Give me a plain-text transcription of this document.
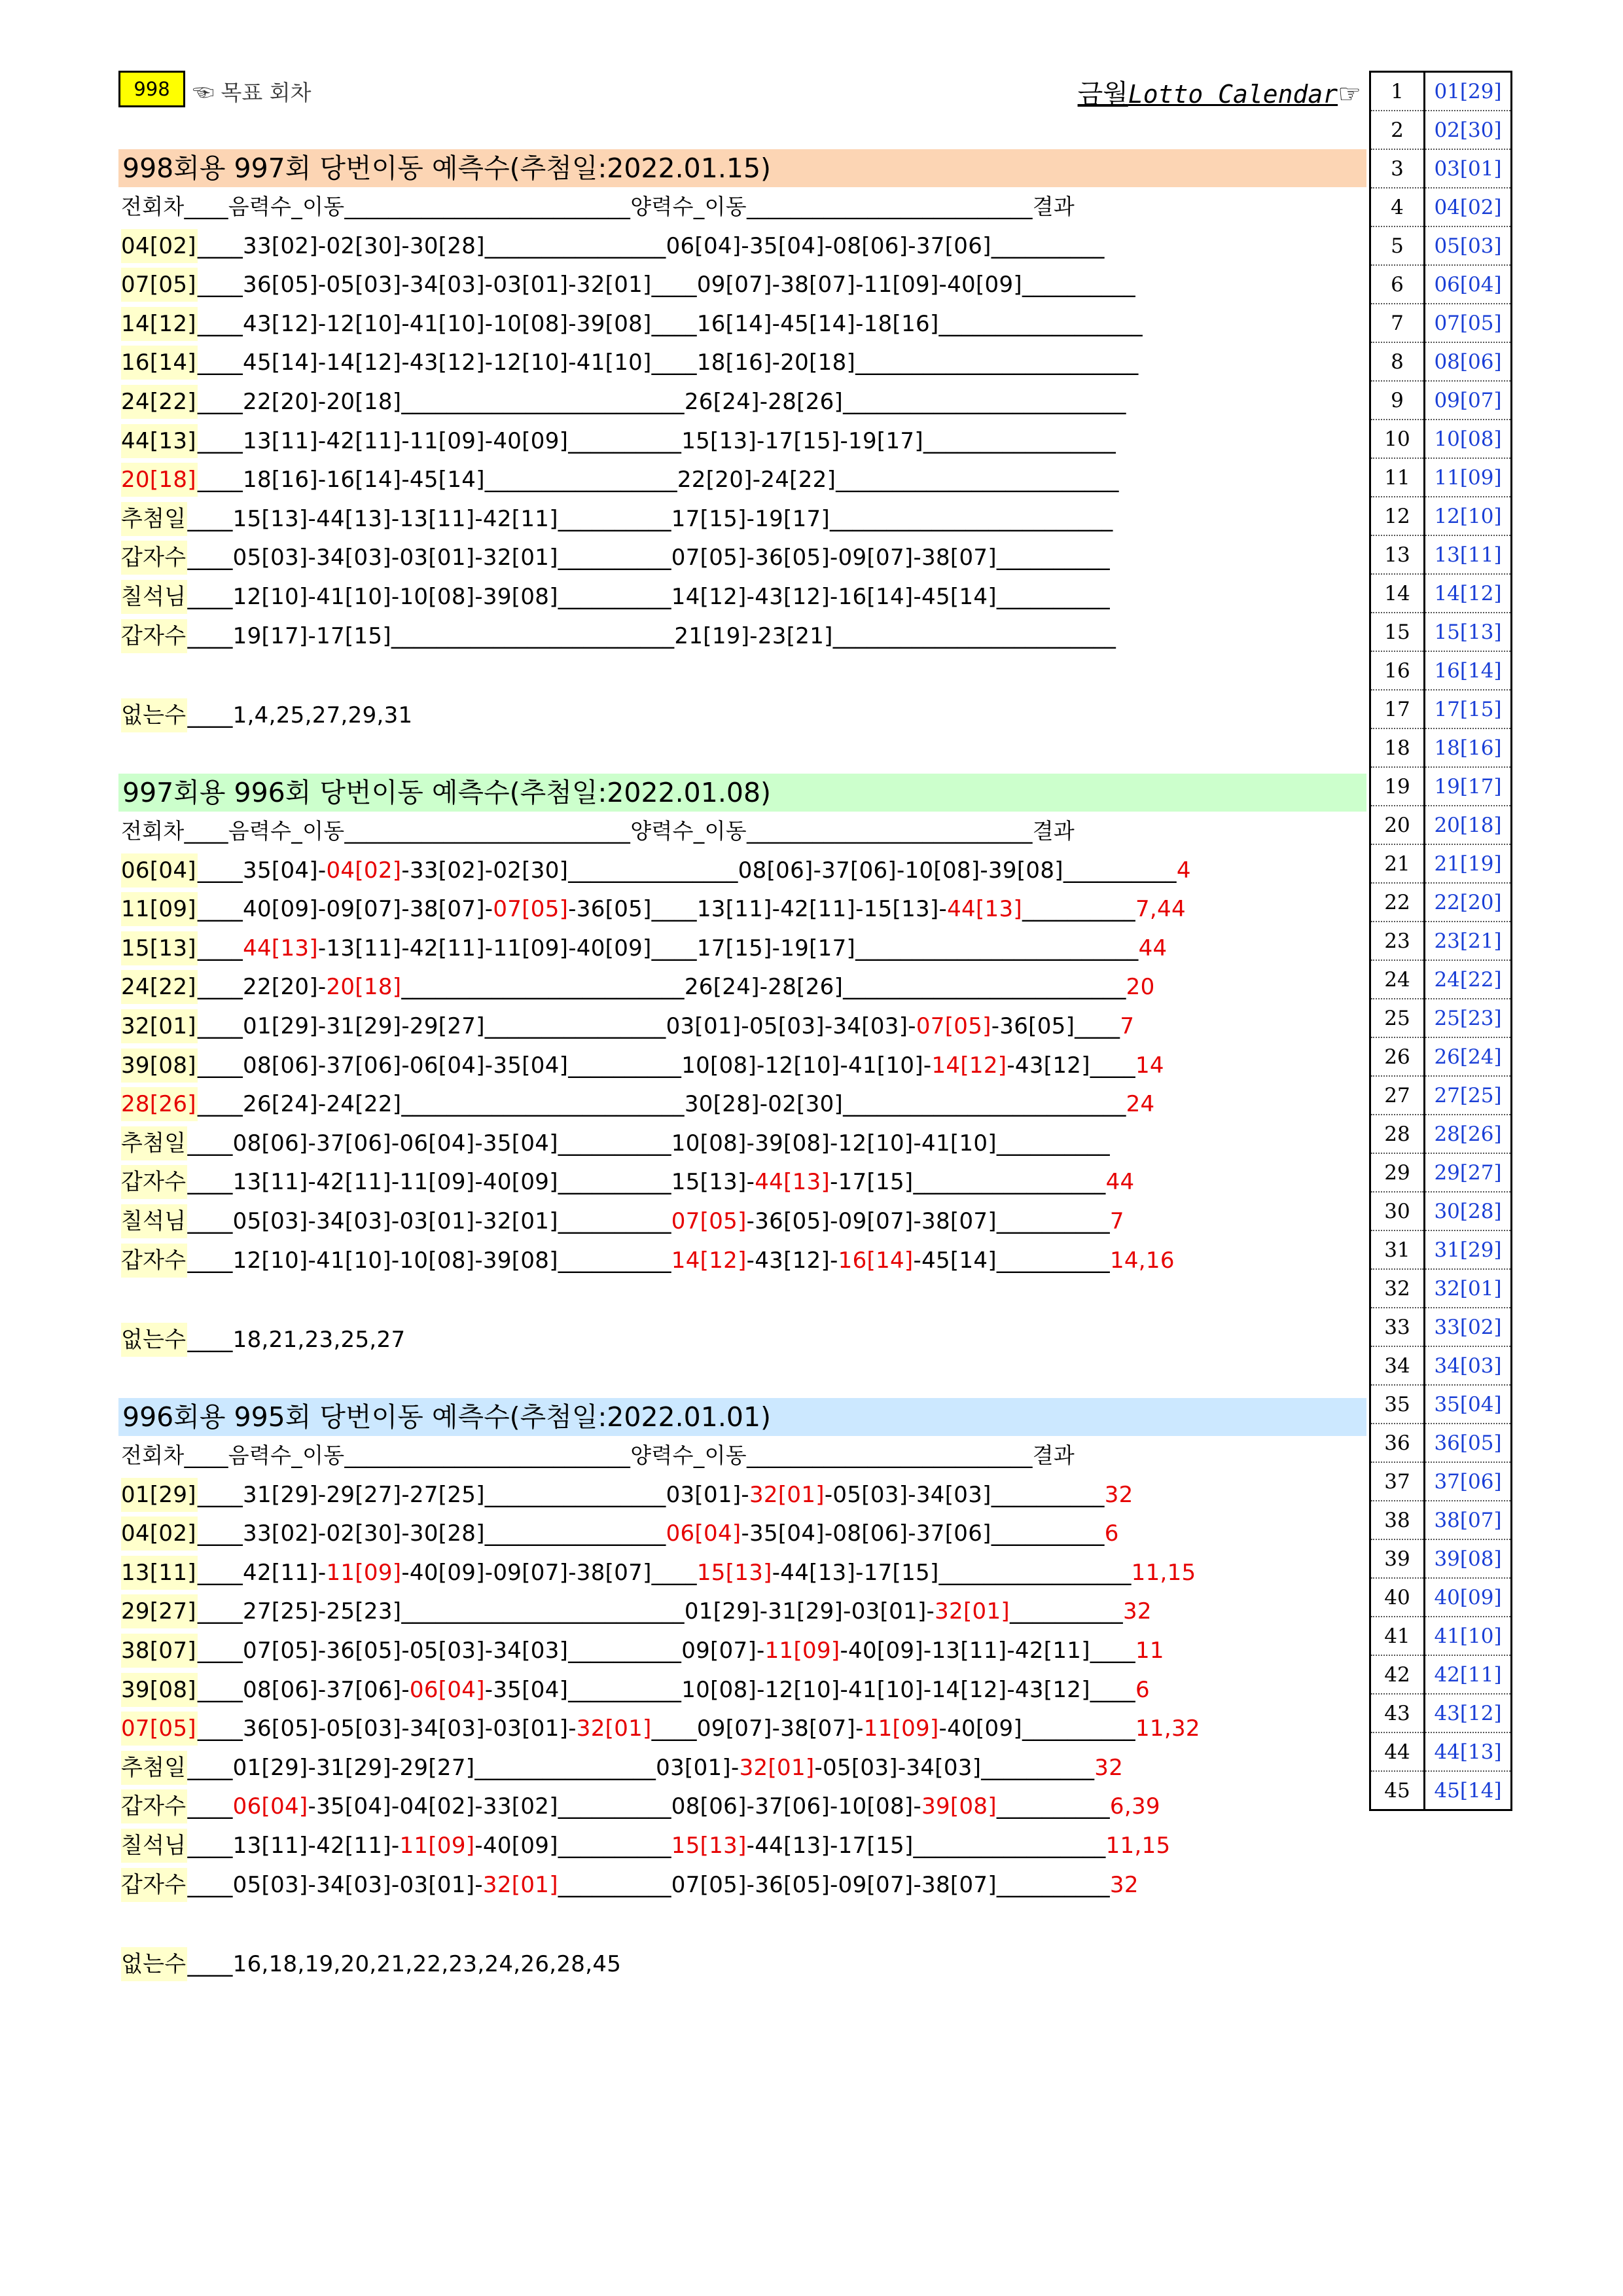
998 ☜ 목표 회차	금월Lotto Calendar☞
998회용 997회 당번이동 예측수(추첨일:2022.01.15)
전회차____음력수_이동__________________________양력수_이동__________________________결과
04[02]____33[02]-02[30]-30[28]________________06[04]-35[04]-08[06]-37[06]__________
07[05]____36[05]-05[03]-34[03]-03[01]-32[01]____09[07]-38[07]-11[09]-40[09]__________
14[12]____43[12]-12[10]-41[10]-10[08]-39[08]____16[14]-45[14]-18[16]__________________
16[14]____45[14]-14[12]-43[12]-12[10]-41[10]____18[16]-20[18]_________________________
24[22]____22[20]-20[18]_________________________26[24]-28[26]_________________________
44[13]____13[11]-42[11]-11[09]-40[09]__________15[13]-17[15]-19[17]_________________
20[18]____18[16]-16[14]-45[14]_________________22[20]-24[22]_________________________
추첨일____15[13]-44[13]-13[11]-42[11]__________17[15]-19[17]_________________________
갑자수____05[03]-34[03]-03[01]-32[01]__________07[05]-36[05]-09[07]-38[07]__________
칠석님____12[10]-41[10]-10[08]-39[08]__________14[12]-43[12]-16[14]-45[14]__________
갑자수____19[17]-17[15]_________________________21[19]-23[21]_________________________
없는수____1,4,25,27,29,31
997회용 996회 당번이동 예측수(추첨일:2022.01.08)
전회차____음력수_이동__________________________양력수_이동__________________________결과
06[04]____35[04]-04[02]-33[02]-02[30]_______________08[06]-37[06]-10[08]-39[08]__________4
11[09]____40[09]-09[07]-38[07]-07[05]-36[05]____13[11]-42[11]-15[13]-44[13]__________7,44
15[13]____44[13]-13[11]-42[11]-11[09]-40[09]____17[15]-19[17]_________________________44
24[22]____22[20]-20[18]_________________________26[24]-28[26]_________________________20
32[01]____01[29]-31[29]-29[27]________________03[01]-05[03]-34[03]-07[05]-36[05]____7
39[08]____08[06]-37[06]-06[04]-35[04]__________10[08]-12[10]-41[10]-14[12]-43[12]____14
28[26]____26[24]-24[22]_________________________30[28]-02[30]_________________________24
추첨일____08[06]-37[06]-06[04]-35[04]__________10[08]-39[08]-12[10]-41[10]__________
갑자수____13[11]-42[11]-11[09]-40[09]__________15[13]-44[13]-17[15]_________________44
칠석님____05[03]-34[03]-03[01]-32[01]__________07[05]-36[05]-09[07]-38[07]__________7
갑자수____12[10]-41[10]-10[08]-39[08]__________14[12]-43[12]-16[14]-45[14]__________14,16
없는수____18,21,23,25,27
996회용 995회 당번이동 예측수(추첨일:2022.01.01)
전회차____음력수_이동__________________________양력수_이동__________________________결과
01[29]____31[29]-29[27]-27[25]________________03[01]-32[01]-05[03]-34[03]__________32
04[02]____33[02]-02[30]-30[28]________________06[04]-35[04]-08[06]-37[06]__________6
13[11]____42[11]-11[09]-40[09]-09[07]-38[07]____15[13]-44[13]-17[15]_________________11,15
29[27]____27[25]-25[23]_________________________01[29]-31[29]-03[01]-32[01]__________32
38[07]____07[05]-36[05]-05[03]-34[03]__________09[07]-11[09]-40[09]-13[11]-42[11]____11
39[08]____08[06]-37[06]-06[04]-35[04]__________10[08]-12[10]-41[10]-14[12]-43[12]____6
07[05]____36[05]-05[03]-34[03]-03[01]-32[01]____09[07]-38[07]-11[09]-40[09]__________11,32
추첨일____01[29]-31[29]-29[27]________________03[01]-32[01]-05[03]-34[03]__________32
갑자수____06[04]-35[04]-04[02]-33[02]__________08[06]-37[06]-10[08]-39[08]__________6,39
칠석님____13[11]-42[11]-11[09]-40[09]__________15[13]-44[13]-17[15]_________________11,15
갑자수____05[03]-34[03]-03[01]-32[01]__________07[05]-36[05]-09[07]-38[07]__________32
없는수____16,18,19,20,21,22,23,24,26,28,45
1	01[29]
2	02[30]
3	03[01]
4	04[02]
5	05[03]
6	06[04]
7	07[05]
8	08[06]
9	09[07]
10	10[08]
11	11[09]
12	12[10]
13	13[11]
14	14[12]
15	15[13]
16	16[14]
17	17[15]
18	18[16]
19	19[17]
20	20[18]
21	21[19]
22	22[20]
23	23[21]
24	24[22]
25	25[23]
26	26[24]
27	27[25]
28	28[26]
29	29[27]
30	30[28]
31	31[29]
32	32[01]
33	33[02]
34	34[03]
35	35[04]
36	36[05]
37	37[06]
38	38[07]
39	39[08]
40	40[09]
41	41[10]
42	42[11]
43	43[12]
44	44[13]
45	45[14]
